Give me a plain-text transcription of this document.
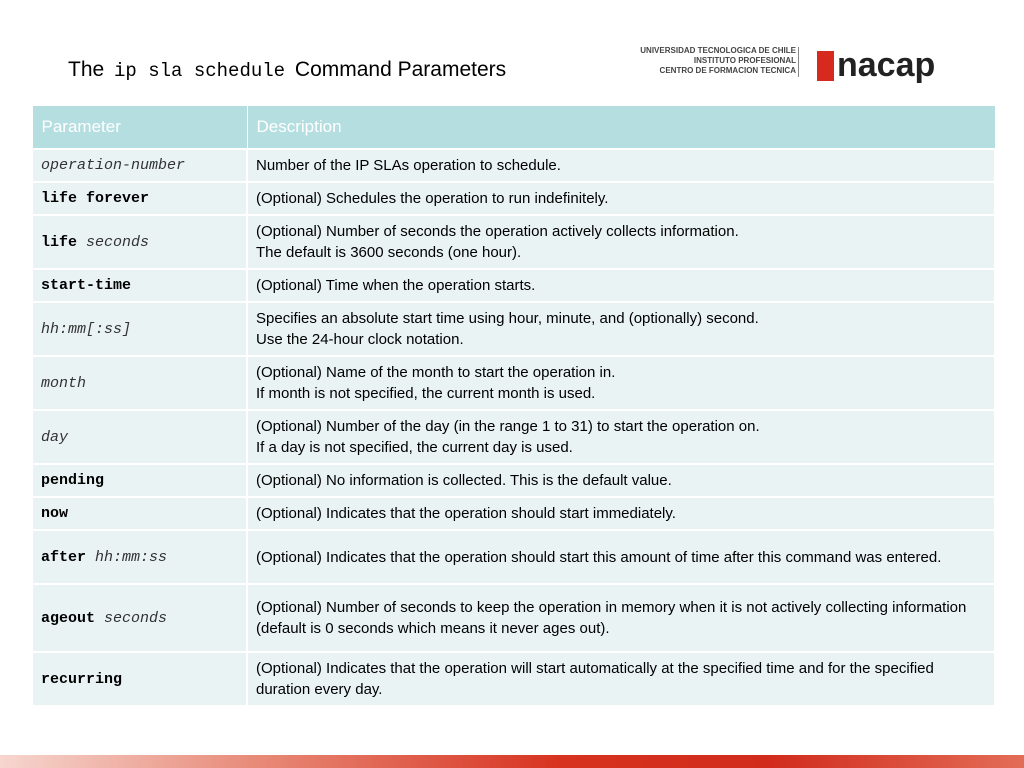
The ip sla schedule Command Parameters
UNIVERSIDAD TECNOLOGICA DE CHILE
INSTITUTO PROFESIONAL
CENTRO DE FORMACION TECNICA	nacap
Parameter	Description
operation-number	Number of the IP SLAs operation to schedule.

life forever	(Optional) Schedules the operation to run indefinitely.

life seconds	(Optional) Number of seconds the operation actively collects information.
The default is 3600 seconds (one hour).

start-time	(Optional) Time when the operation starts.

hh:mm[:ss]	Specifies an absolute start time using hour, minute, and (optionally) second.
Use the 24-hour clock notation.

month	(Optional) Name of the month to start the operation in.
If month is not specified, the current month is used.

day	(Optional) Number of the day (in the range 1 to 31) to start the operation on.
If a day is not specified, the current day is used.

pending	(Optional) No information is collected. This is the default value.

now	(Optional) Indicates that the operation should start immediately.

after hh:mm:ss	(Optional) Indicates that the operation should start this amount of time after this command was entered.

ageout seconds	(Optional) Number of seconds to keep the operation in memory when it is not actively collecting information (default is 0 seconds which means it never ages out).

recurring	(Optional) Indicates that the operation will start automatically at the specified time and for the specified duration every day.
